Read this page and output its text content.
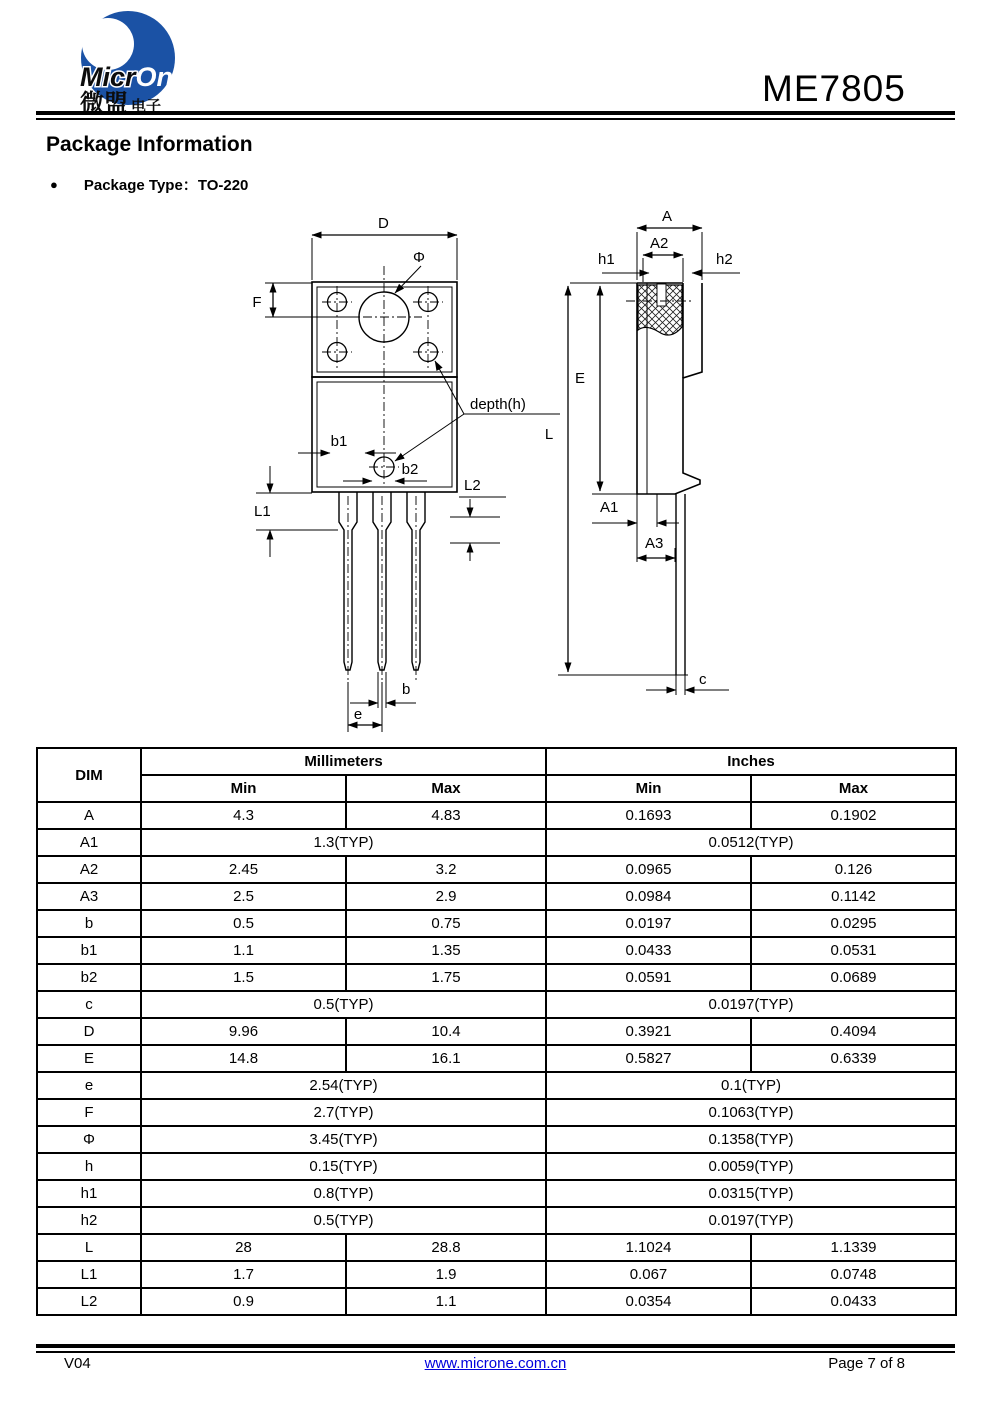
MicrOne
微盟 电子	ME7805
Package Information
● Package Type：TO-220
D
Φ
F
depth(h)
b1
b2
L1
L2
b
e
A
A2
h1	h2
E
L
A1
A3
c
DIM	Millimeters		Inches	
	Min	Max	Min	Max
A	4.3	4.83	0.1693	0.1902
A1	1.3(TYP)		0.0512(TYP)	
A2	2.45	3.2	0.0965	0.126
A3	2.5	2.9	0.0984	0.1142
b	0.5	0.75	0.0197	0.0295
b1	1.1	1.35	0.0433	0.0531
b2	1.5	1.75	0.0591	0.0689
c	0.5(TYP)		0.0197(TYP)	
D	9.96	10.4	0.3921	0.4094
E	14.8	16.1	0.5827	0.6339
e	2.54(TYP)		0.1(TYP)	
F	2.7(TYP)		0.1063(TYP)	
Φ	3.45(TYP)		0.1358(TYP)	
h	0.15(TYP)		0.0059(TYP)	
h1	0.8(TYP)		0.0315(TYP)	
h2	0.5(TYP)		0.0197(TYP)	
L	28	28.8	1.1024	1.1339
L1	1.7	1.9	0.067	0.0748
L2	0.9	1.1	0.0354	0.0433
V04	www.microne.com.cn	Page 7 of 8
